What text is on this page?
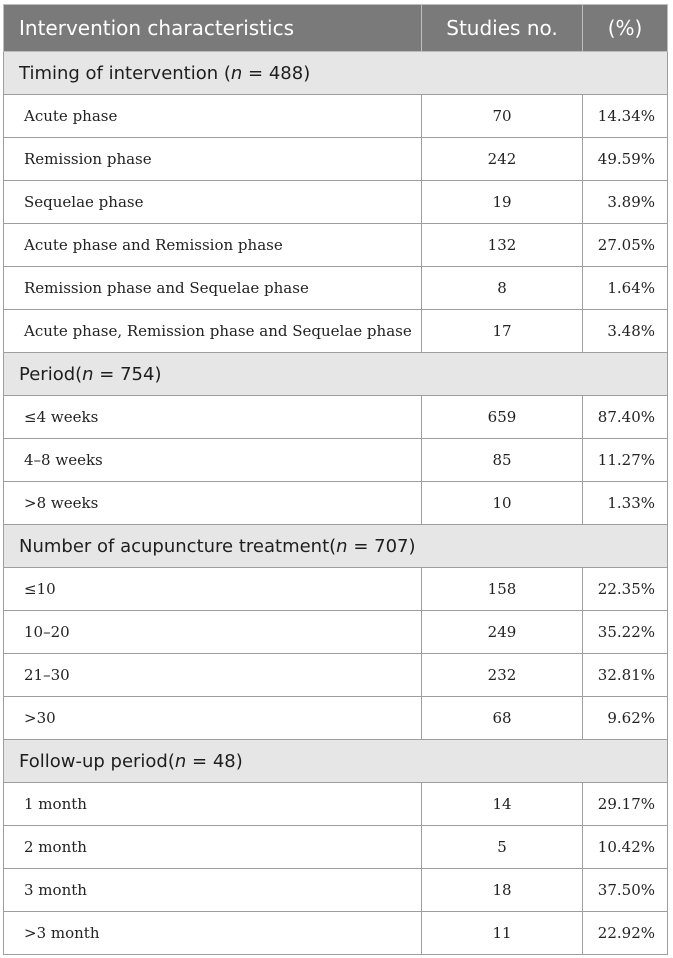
Intervention characteristics	Studies no.	(%)
Timing of intervention (n = 488)		
Acute phase	70	14.34%
Remission phase	242	49.59%
Sequelae phase	19	3.89%
Acute phase and Remission phase	132	27.05%
Remission phase and Sequelae phase	8	1.64%
Acute phase, Remission phase and Sequelae phase	17	3.48%
Period(n = 754)		
≤4 weeks	659	87.40%
4–8 weeks	85	11.27%
>8 weeks	10	1.33%
Number of acupuncture treatment(n = 707)		
≤10	158	22.35%
10–20	249	35.22%
21–30	232	32.81%
>30	68	9.62%
Follow-up period(n = 48)		
1 month	14	29.17%
2 month	5	10.42%
3 month	18	37.50%
>3 month	11	22.92%
